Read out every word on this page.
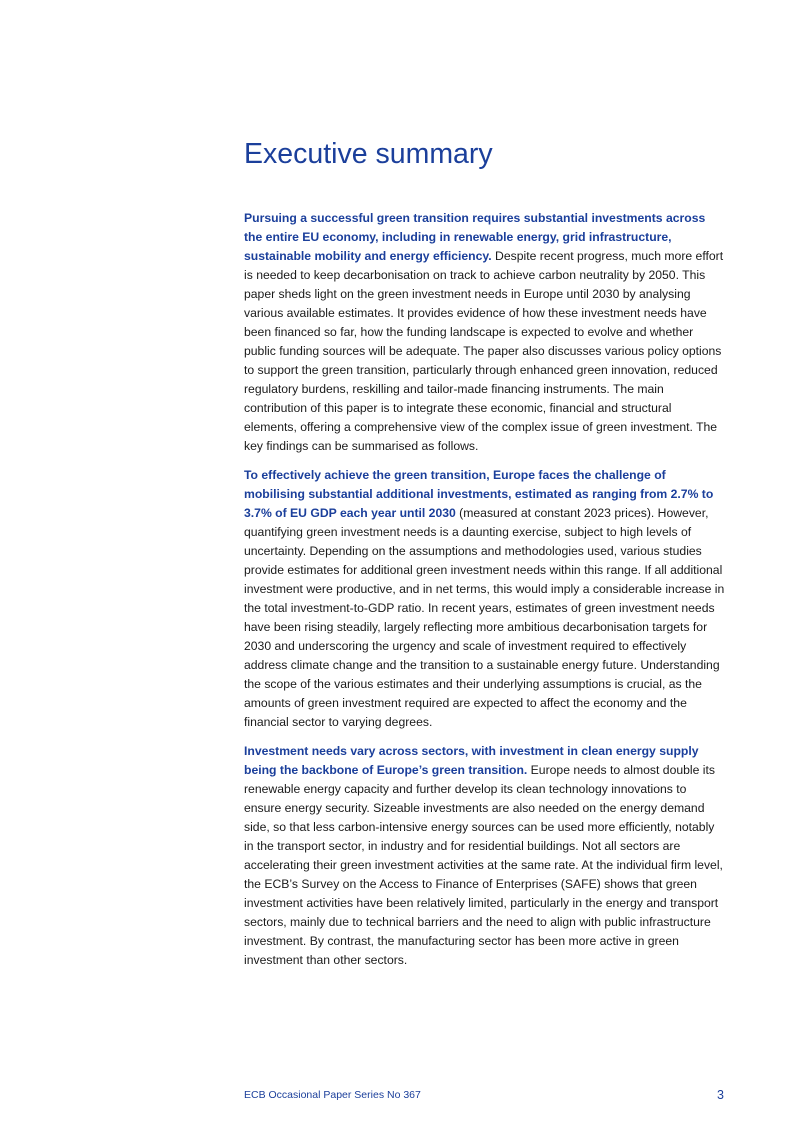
Executive summary

Pursuing a successful green transition requires substantial investments across the entire EU economy, including in renewable energy, grid infrastructure, sustainable mobility and energy efficiency. Despite recent progress, much more effort is needed to keep decarbonisation on track to achieve carbon neutrality by 2050. This paper sheds light on the green investment needs in Europe until 2030 by analysing various available estimates. It provides evidence of how these investment needs have been financed so far, how the funding landscape is expected to evolve and whether public funding sources will be adequate. The paper also discusses various policy options to support the green transition, particularly through enhanced green innovation, reduced regulatory burdens, reskilling and tailor-made financing instruments. The main contribution of this paper is to integrate these economic, financial and structural elements, offering a comprehensive view of the complex issue of green investment. The key findings can be summarised as follows.

To effectively achieve the green transition, Europe faces the challenge of mobilising substantial additional investments, estimated as ranging from 2.7% to 3.7% of EU GDP each year until 2030 (measured at constant 2023 prices). However, quantifying green investment needs is a daunting exercise, subject to high levels of uncertainty. Depending on the assumptions and methodologies used, various studies provide estimates for additional green investment needs within this range. If all additional investment were productive, and in net terms, this would imply a considerable increase in the total investment-to-GDP ratio. In recent years, estimates of green investment needs have been rising steadily, largely reflecting more ambitious decarbonisation targets for 2030 and underscoring the urgency and scale of investment required to effectively address climate change and the transition to a sustainable energy future. Understanding the scope of the various estimates and their underlying assumptions is crucial, as the amounts of green investment required are expected to affect the economy and the financial sector to varying degrees.

Investment needs vary across sectors, with investment in clean energy supply being the backbone of Europe’s green transition. Europe needs to almost double its renewable energy capacity and further develop its clean technology innovations to ensure energy security. Sizeable investments are also needed on the energy demand side, so that less carbon-intensive energy sources can be used more efficiently, notably in the transport sector, in industry and for residential buildings. Not all sectors are accelerating their green investment activities at the same rate. At the individual firm level, the ECB’s Survey on the Access to Finance of Enterprises (SAFE) shows that green investment activities have been relatively limited, particularly in the energy and transport sectors, mainly due to technical barriers and the need to align with public infrastructure investment. By contrast, the manufacturing sector has been more active in green investment than other sectors.

ECB Occasional Paper Series No 367	3
